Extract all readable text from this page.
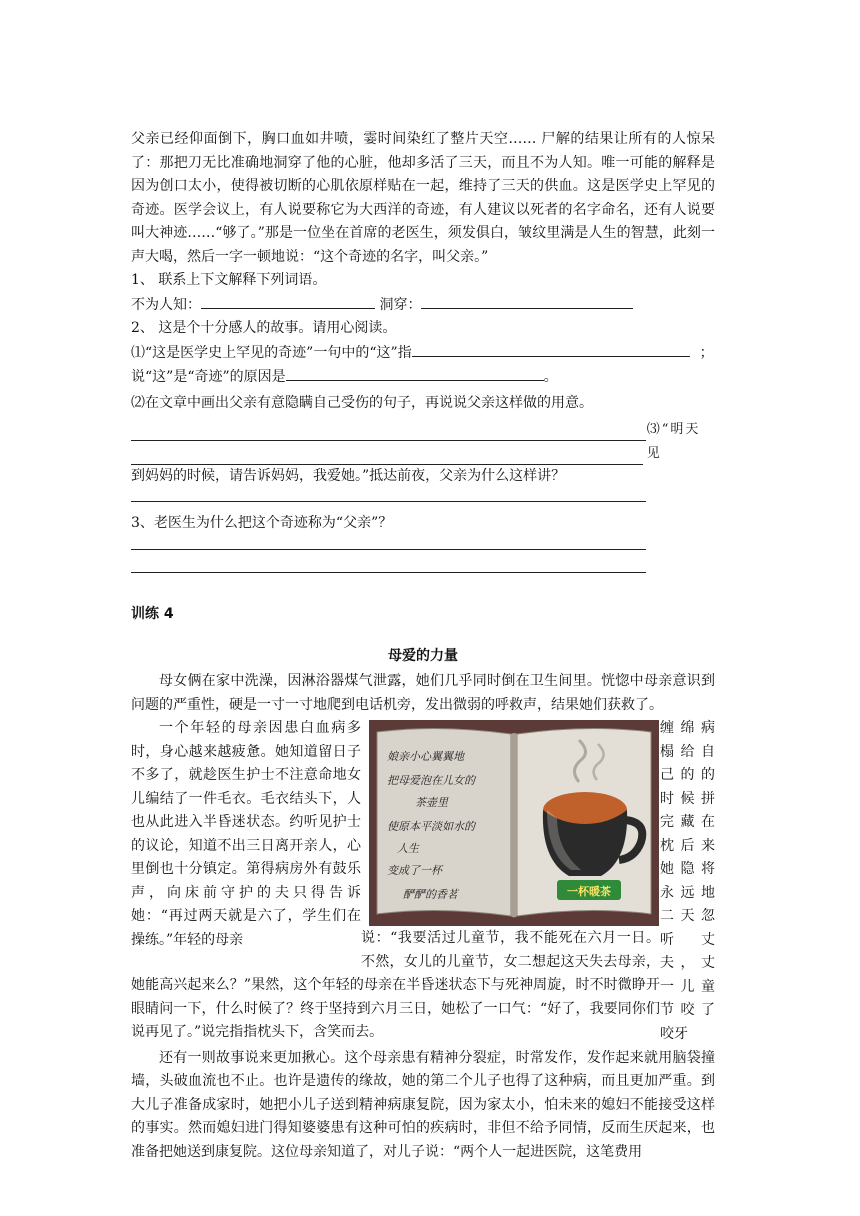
父亲已经仰面倒下，胸口血如井喷，霎时间染红了整片天空…… 尸解的结果让所有的人惊呆了：那把刀无比准确地洞穿了他的心脏，他却多活了三天，而且不为人知。唯一可能的解释是因为创口太小，使得被切断的心肌依原样贴在一起，维持了三天的供血。这是医学史上罕见的奇迹。医学会议上，有人说要称它为大西洋的奇迹，有人建议以死者的名字命名，还有人说要叫大神迹……“够了。”那是一位坐在首席的老医生，须发俱白，皱纹里满是人生的智慧，此刻一声大喝，然后一字一顿地说：“这个奇迹的名字，叫父亲。”

1、 联系上下文解释下列词语。

不为人知：	洞穿：

2、 这是个十分感人的故事。请用心阅读。

⑴“这是医学史上罕见的奇迹”一句中的“这”指	；

说“这”是“奇迹”的原因是	。

⑵在文章中画出父亲有意隐瞒自己受伤的句子，再说说父亲这样做的用意。

⑶“明天见

到妈妈的时候，请告诉妈妈，我爱她。”抵达前夜，父亲为什么这样讲？

3、老医生为什么把这个奇迹称为“父亲”？

训练 4

母爱的力量

母女俩在家中洗澡，因淋浴器煤气泄露，她们几乎同时倒在卫生间里。恍惚中母亲意识到问题的严重性，硬是一寸一寸地爬到电话机旁，发出微弱的呼救声，结果她们获救了。

一个年轻的母亲因患白血病多时，身心越来越疲惫。她知道留日子不多了，就趁医生护士不注意命地女儿编结了一件毛衣。毛衣结头下，人也从此进入半昏迷状态。约听见护士的议论，知道不出三日离开亲人，心里倒也十分镇定。第得病房外有鼓乐声，向床前守护的夫只得告诉她：“再过两天就是六了，学生们在操练。”年轻的母亲

缠绵病榻给自己的的时候拼完藏在枕后来她隐将永远地二天忽听丈夫，丈一儿童节咬了咬牙

娘亲小心翼翼地
把母爱泡在儿女的
茶壶里
使原本平淡如水的
人生
变成了一杯
酽酽的香茗	一杯暖茶

说：“我要活过儿童节，我不能死在六月一日。不然，女儿的儿童节，女二想起这天失去母亲，她能高兴起来么？”果然，这个年轻的母亲在半昏迷状态下与死神周旋，时不时微睁开眼睛问一下，什么时候了？终于坚持到六月三日，她松了一口气：“好了，我要同你们说再见了。”说完指指枕头下，含笑而去。

还有一则故事说来更加揪心。这个母亲患有精神分裂症，时常发作，发作起来就用脑袋撞墙，头破血流也不止。也许是遗传的缘故，她的第二个儿子也得了这种病，而且更加严重。到大儿子准备成家时，她把小儿子送到精神病康复院，因为家太小，怕未来的媳妇不能接受这样的事实。然而媳妇进门得知婆婆患有这种可怕的疾病时，非但不给予同情，反而生厌起来，也准备把她送到康复院。这位母亲知道了，对儿子说：“两个人一起进医院，这笔费用
